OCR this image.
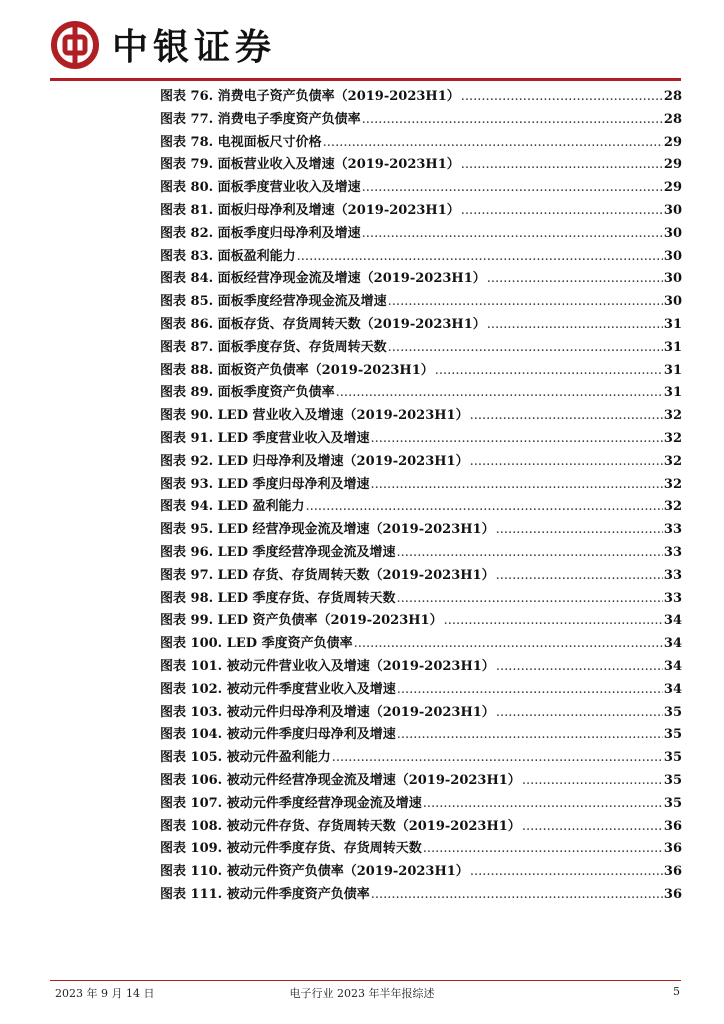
中银证券
图表 76. 消费电子资产负债率（2019-2023H1） .....	28
图表 77. 消费电子季度资产负债率 .....	28
图表 78. 电视面板尺寸价格 .....	29
图表 79. 面板营业收入及增速（2019-2023H1） .....	29
图表 80. 面板季度营业收入及增速 .....	29
图表 81. 面板归母净利及增速（2019-2023H1） .....	30
图表 82. 面板季度归母净利及增速 .....	30
图表 83. 面板盈利能力 .....	30
图表 84. 面板经营净现金流及增速（2019-2023H1） .....	30
图表 85. 面板季度经营净现金流及增速 .....	30
图表 86. 面板存货、存货周转天数（2019-2023H1） .....	31
图表 87. 面板季度存货、存货周转天数 .....	31
图表 88. 面板资产负债率（2019-2023H1） .....	31
图表 89. 面板季度资产负债率 .....	31
图表 90. LED 营业收入及增速（2019-2023H1） .....	32
图表 91. LED 季度营业收入及增速 .....	32
图表 92. LED 归母净利及增速（2019-2023H1） .....	32
图表 93. LED 季度归母净利及增速 .....	32
图表 94. LED 盈利能力 .....	32
图表 95. LED 经营净现金流及增速（2019-2023H1） .....	33
图表 96. LED 季度经营净现金流及增速 .....	33
图表 97. LED 存货、存货周转天数（2019-2023H1） .....	33
图表 98. LED 季度存货、存货周转天数 .....	33
图表 99. LED 资产负债率（2019-2023H1） .....	34
图表 100. LED 季度资产负债率 .....	34
图表 101. 被动元件营业收入及增速（2019-2023H1） .....	34
图表 102. 被动元件季度营业收入及增速 .....	34
图表 103. 被动元件归母净利及增速（2019-2023H1） .....	35
图表 104. 被动元件季度归母净利及增速 .....	35
图表 105. 被动元件盈利能力 .....	35
图表 106. 被动元件经营净现金流及增速（2019-2023H1） .....	35
图表 107. 被动元件季度经营净现金流及增速 .....	35
图表 108. 被动元件存货、存货周转天数（2019-2023H1） .....	36
图表 109. 被动元件季度存货、存货周转天数 .....	36
图表 110. 被动元件资产负债率（2019-2023H1） .....	36
图表 111. 被动元件季度资产负债率 .....	36
2023 年 9 月 14 日	电子行业 2023 年半年报综述	5
